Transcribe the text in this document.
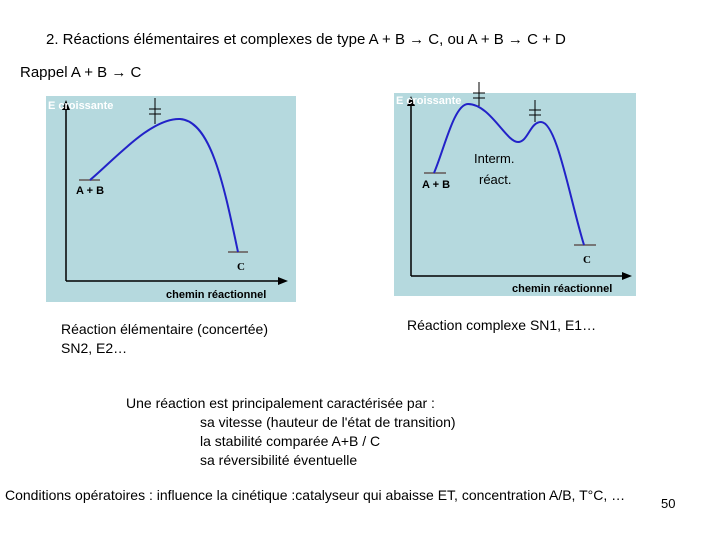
2. Réactions élémentaires et complexes de type A + B → C, ou A + B → C + D
Rappel A + B → C
E croissante
A + B
C
chemin réactionnel
E croissante
A + B
C
Interm.
réact.
chemin réactionnel
Réaction élémentaire (concertée)
SN2, E2…
Réaction complexe SN1, E1…
Une réaction est principalement caractérisée par :
sa vitesse (hauteur de l'état de transition)
la stabilité comparée A+B / C
sa réversibilité éventuelle
Conditions opératoires : influence la cinétique :catalyseur qui abaisse ET, concentration A/B, T°C, …
50
